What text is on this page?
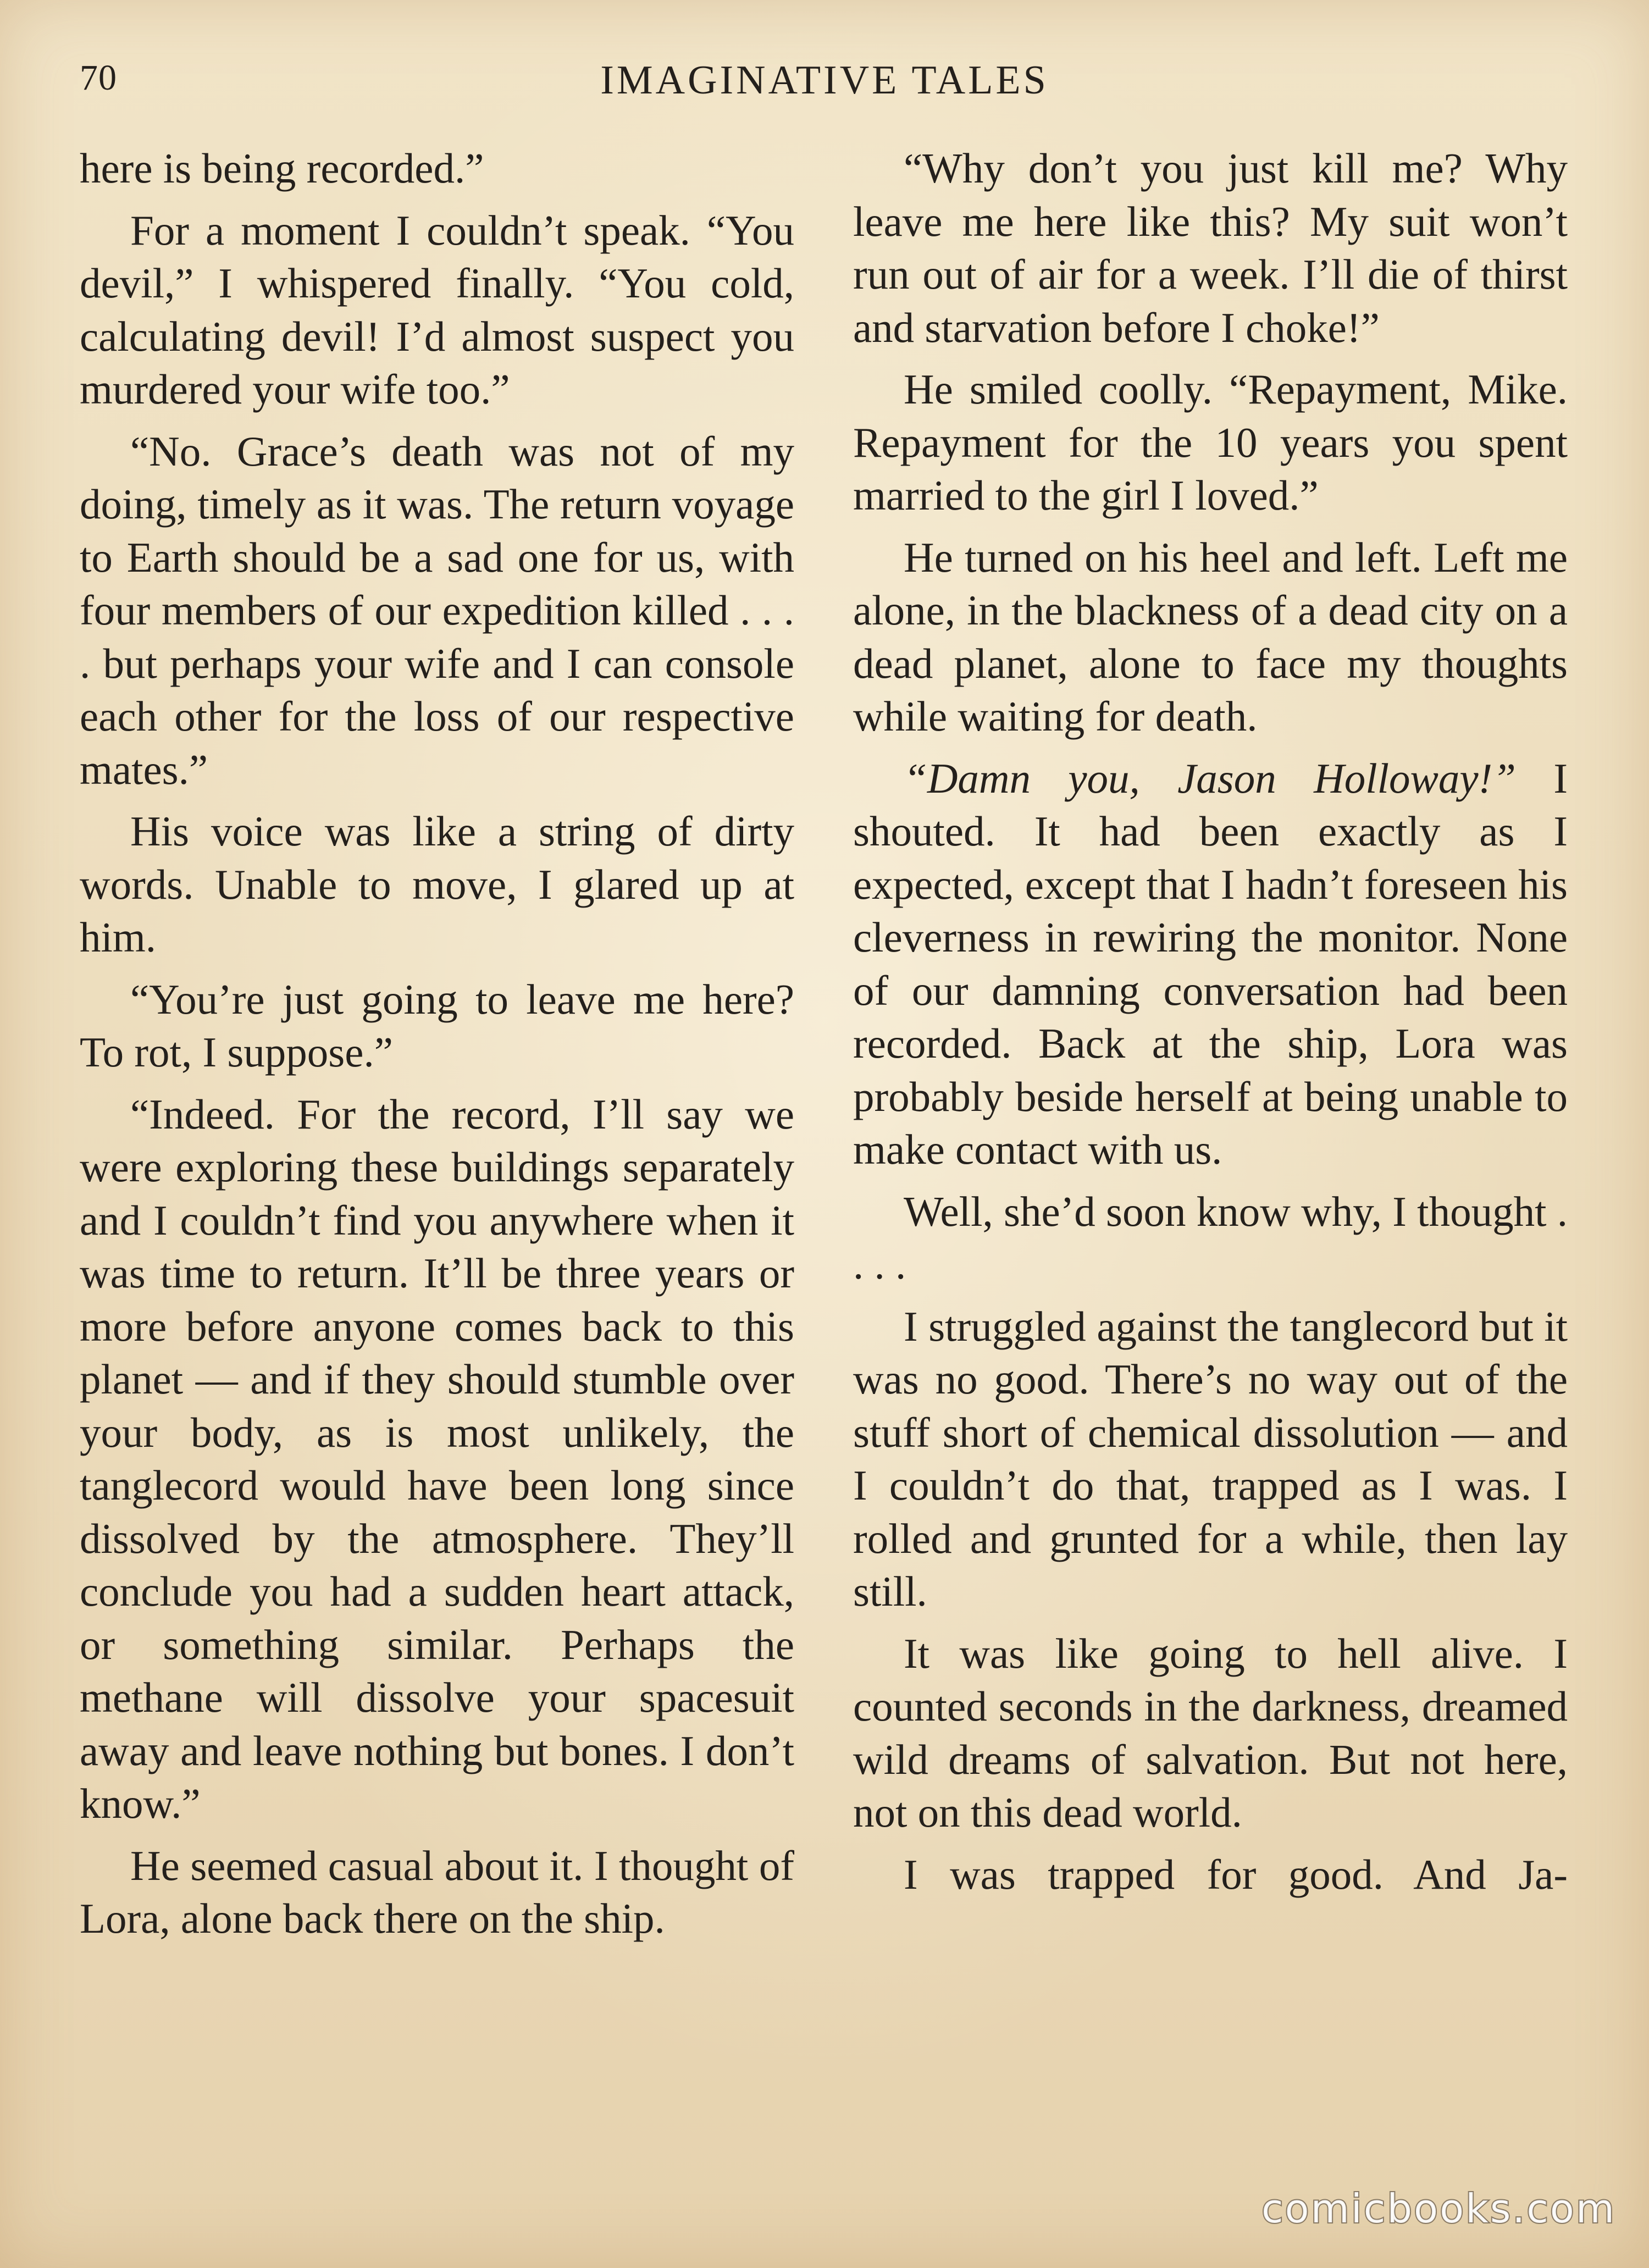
70	IMAGINATIVE TALES

here is being recorded.”

For a moment I couldn’t speak. “You devil,” I whispered finally. “You cold, calculating devil! I’d almost suspect you murdered your wife too.”

“No. Grace’s death was not of my doing, timely as it was. The return voyage to Earth should be a sad one for us, with four members of our expedition killed . . . . but perhaps your wife and I can console each other for the loss of our respective mates.”

His voice was like a string of dirty words. Unable to move, I glared up at him.

“You’re just going to leave me here? To rot, I suppose.”

“Indeed. For the record, I’ll say we were exploring these buildings separately and I couldn’t find you anywhere when it was time to return. It’ll be three years or more before anyone comes back to this planet — and if they should stumble over your body, as is most unlikely, the tanglecord would have been long since dissolved by the atmosphere. They’ll conclude you had a sudden heart attack, or something similar. Perhaps the methane will dissolve your spacesuit away and leave nothing but bones. I don’t know.”

He seemed casual about it. I thought of Lora, alone back there on the ship.

“Why don’t you just kill me? Why leave me here like this? My suit won’t run out of air for a week. I’ll die of thirst and starvation before I choke!”

He smiled coolly. “Repayment, Mike. Repayment for the 10 years you spent married to the girl I loved.”

He turned on his heel and left. Left me alone, in the blackness of a dead city on a dead planet, alone to face my thoughts while waiting for death.

“Damn you, Jason Holloway!” I shouted. It had been exactly as I expected, except that I hadn’t foreseen his cleverness in rewiring the monitor. None of our damning conversation had been recorded. Back at the ship, Lora was probably beside herself at being unable to make contact with us.

Well, she’d soon know why, I thought . . . .

I struggled against the tanglecord but it was no good. There’s no way out of the stuff short of chemical dissolution — and I couldn’t do that, trapped as I was. I rolled and grunted for a while, then lay still.

It was like going to hell alive. I counted seconds in the darkness, dreamed wild dreams of salvation. But not here, not on this dead world.

I was trapped for good. And Ja-

comicbooks.com
